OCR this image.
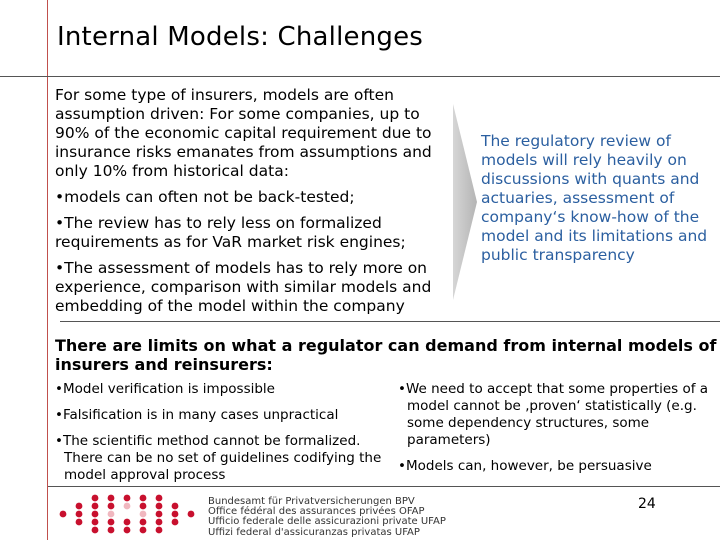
Internal Models: Challenges

For some type of insurers, models are often assumption driven: For some companies, up to 90% of the economic capital requirement due to insurance risks emanates from assumptions and only 10% from historical data:

•models can often not be back-tested;

•The review has to rely less on formalized requirements as for VaR market risk engines;

•The assessment of models has to rely more on experience, comparison with similar models and embedding of the model within the company

The regulatory review of models will rely heavily on discussions with quants and actuaries, assessment of company‘s know-how of the model and its limitations and public transparency
There are limits on what a regulator can demand from internal models of insurers and reinsurers:

•Model verification is impossible

•Falsification is in many cases unpractical

•The scientific method cannot be formalized. There can be no set of guidelines codifying the model approval process

•We need to accept that some properties of a model cannot be ‚proven‘ statistically (e.g. some dependency structures, some parameters)

•Models can, however, be persuasive

Bundesamt für Privatversicherungen BPV
Office fédéral des assurances privées OFAP
Ufficio federale delle assicurazioni private UFAP
Uffizi federal d'assicuranzas privatas UFAP
24
